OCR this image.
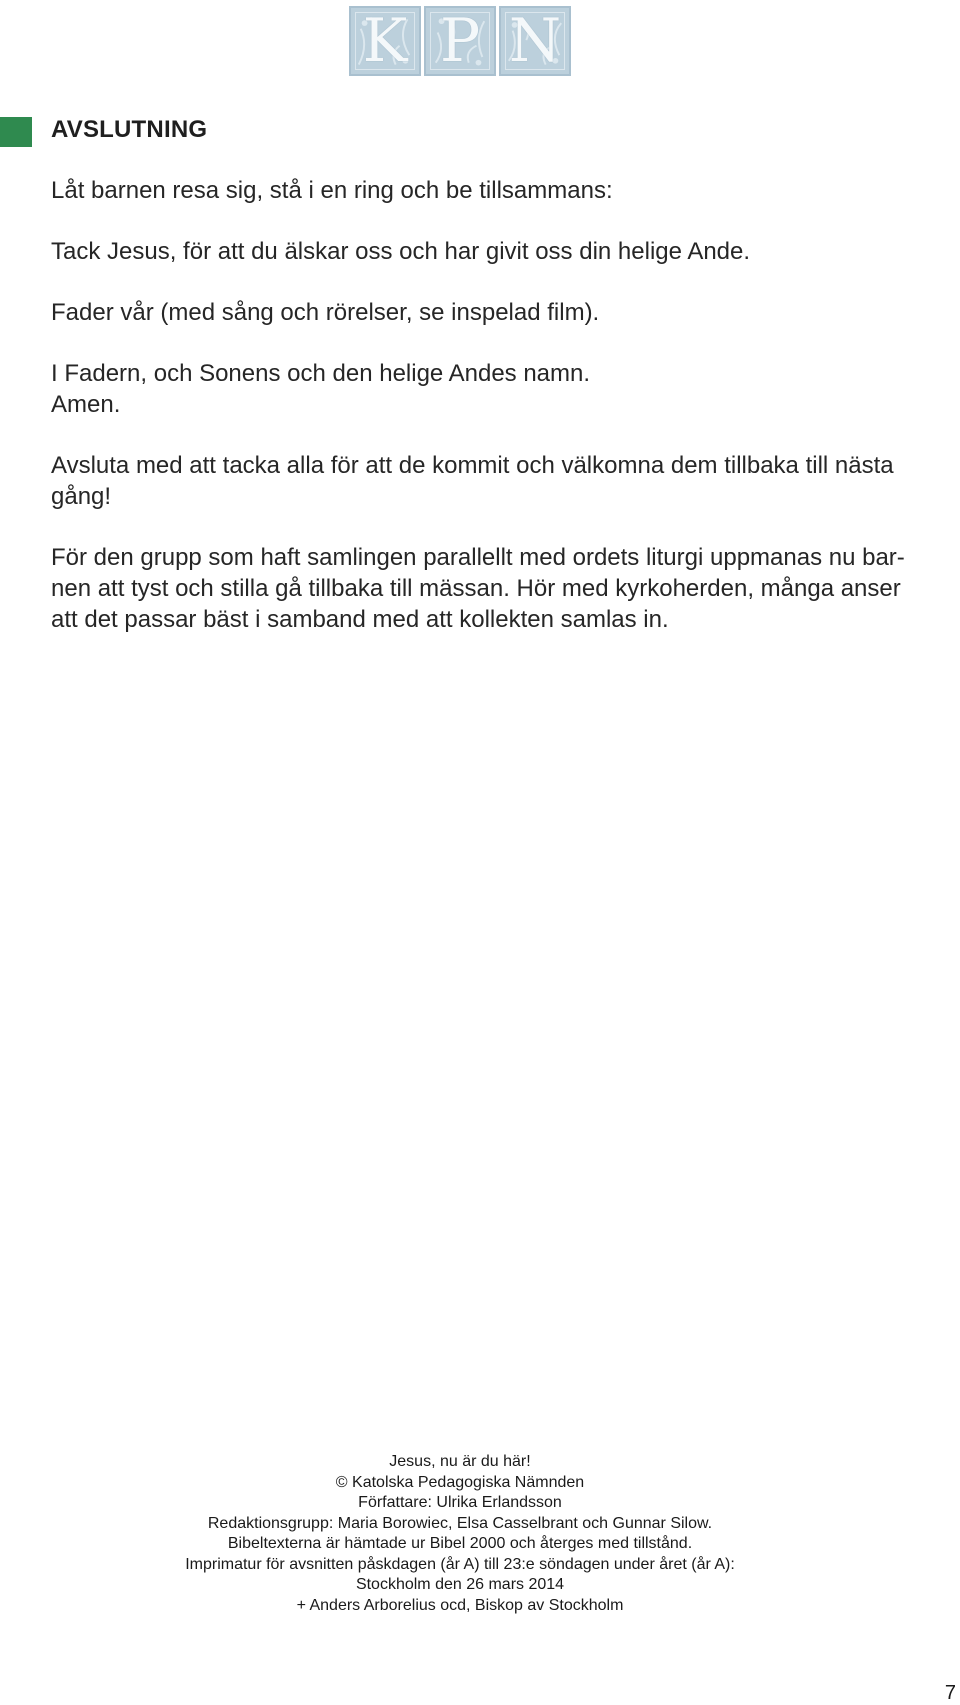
K P N
AVSLUTNING

Låt barnen resa sig, stå i en ring och be tillsammans:

Tack Jesus, för att du älskar oss och har givit oss din helige Ande.

Fader vår (med sång och rörelser, se inspelad film).

I Fadern, och Sonens och den helige Andes namn.
Amen.

Avsluta med att tacka alla för att de kommit och välkomna dem tillbaka till nästa
gång!

För den grupp som haft samlingen parallellt med ordets liturgi uppmanas nu bar-
nen att tyst och stilla gå tillbaka till mässan. Hör med kyrkoherden, många anser
att det passar bäst i samband med att kollekten samlas in.

Jesus, nu är du här!
© Katolska Pedagogiska Nämnden
Författare: Ulrika Erlandsson
Redaktionsgrupp: Maria Borowiec, Elsa Casselbrant och Gunnar Silow.
Bibeltexterna är hämtade ur Bibel 2000 och återges med tillstånd.
Imprimatur för avsnitten påskdagen (år A) till 23:e söndagen under året (år A):
Stockholm den 26 mars 2014
+ Anders Arborelius ocd, Biskop av Stockholm
7
